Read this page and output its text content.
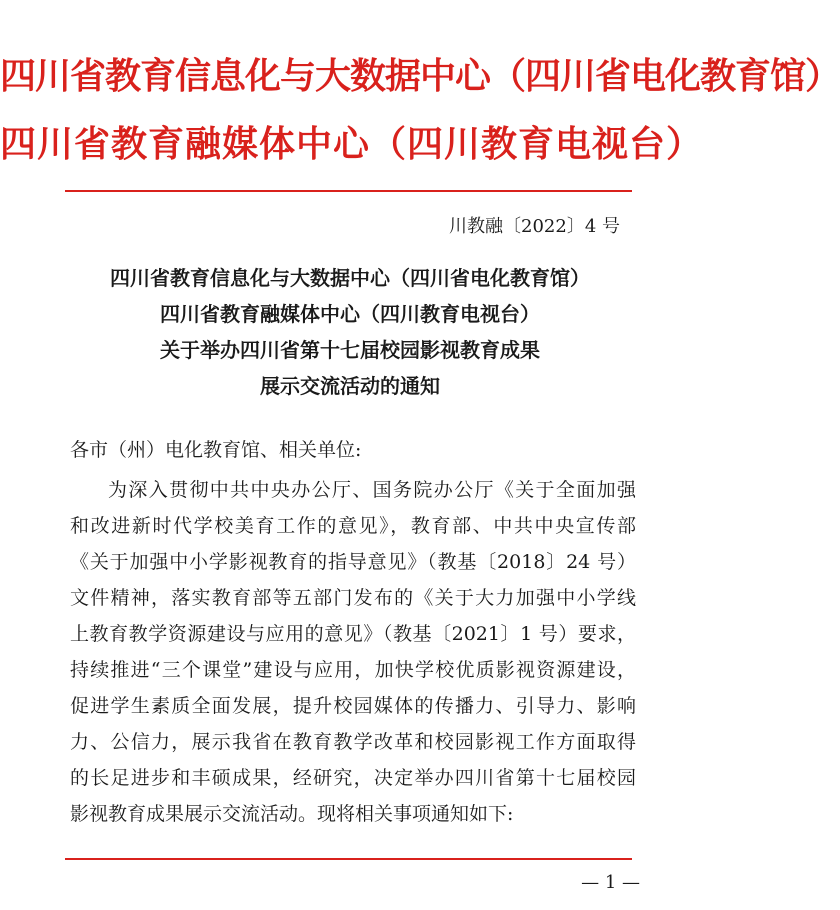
四川省教育信息化与大数据中心（四川省电化教育馆）
四川省教育融媒体中心（四川教育电视台）
川教融〔2022〕4 号
四川省教育信息化与大数据中心（四川省电化教育馆）
四川省教育融媒体中心（四川教育电视台）
关于举办四川省第十七届校园影视教育成果
展示交流活动的通知
各市（州）电化教育馆、相关单位:
为深入贯彻中共中央办公厅、国务院办公厅《关于全面加强
和改进新时代学校美育工作的意见》，教育部、中共中央宣传部
《关于加强中小学影视教育的指导意见》（教基〔2018〕24 号）
文件精神，落实教育部等五部门发布的《关于大力加强中小学线
上教育教学资源建设与应用的意见》（教基〔2021〕1 号）要求，
持续推进“三个课堂”建设与应用，加快学校优质影视资源建设，
促进学生素质全面发展，提升校园媒体的传播力、引导力、影响
力、公信力，展示我省在教育教学改革和校园影视工作方面取得
的长足进步和丰硕成果，经研究，决定举办四川省第十七届校园
影视教育成果展示交流活动。现将相关事项通知如下:
— 1 —
